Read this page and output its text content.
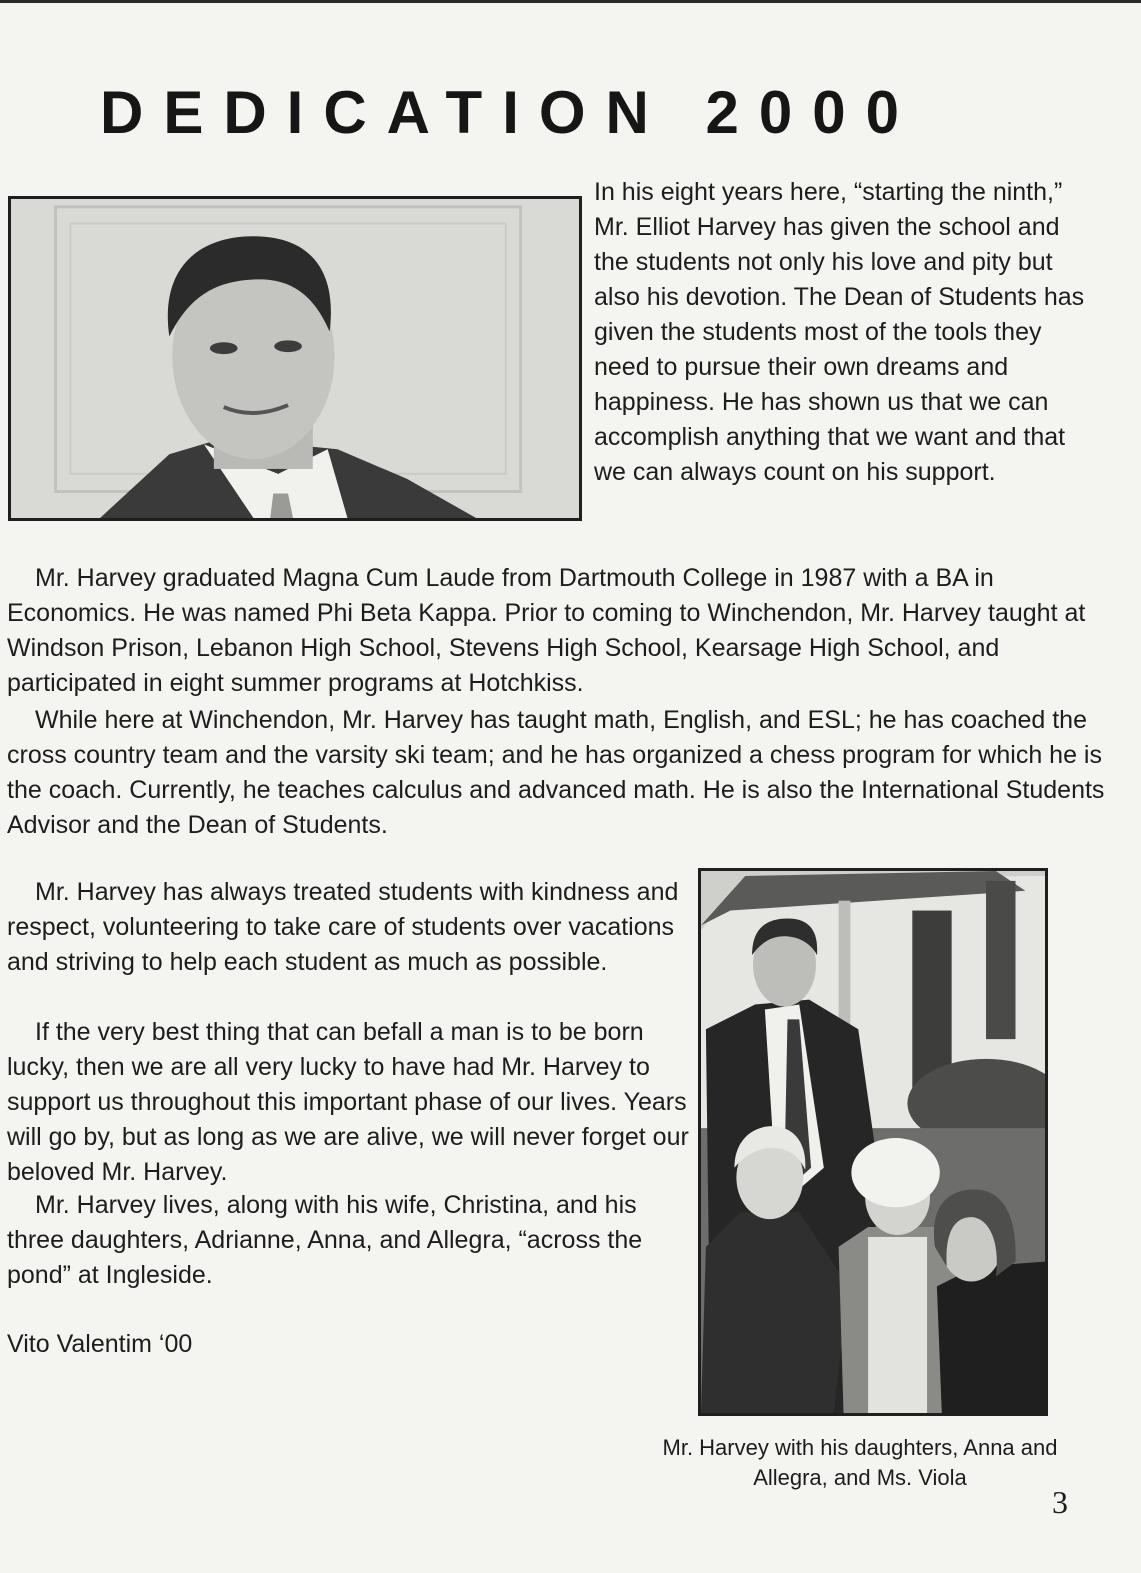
DEDICATION 2000
In his eight years here, “starting the ninth,” Mr. Elliot Harvey has given the school and the students not only his love and pity but also his devotion. The Dean of Students has given the students most of the tools they need to pursue their own dreams and happiness. He has shown us that we can accomplish anything that we want and that we can always count on his support.

Mr. Harvey graduated Magna Cum Laude from Dartmouth College in 1987 with a BA in Economics. He was named Phi Beta Kappa. Prior to coming to Winchendon, Mr. Harvey taught at Windson Prison, Lebanon High School, Stevens High School, Kearsage High School, and participated in eight summer programs at Hotchkiss.

While here at Winchendon, Mr. Harvey has taught math, English, and ESL; he has coached the cross country team and the varsity ski team; and he has organized a chess program for which he is the coach. Currently, he teaches calculus and advanced math. He is also the International Students Advisor and the Dean of Students.

Mr. Harvey has always treated students with kindness and respect, volunteering to take care of students over vacations and striving to help each student as much as possible.

If the very best thing that can befall a man is to be born lucky, then we are all very lucky to have had Mr. Harvey to support us throughout this important phase of our lives. Years will go by, but as long as we are alive, we will never forget our beloved Mr. Harvey.

Mr. Harvey lives, along with his wife, Christina, and his three daughters, Adrianne, Anna, and Allegra, “across the pond” at Ingleside.

Vito Valentim ‘00
Mr. Harvey with his daughters, Anna and Allegra, and Ms. Viola
3
